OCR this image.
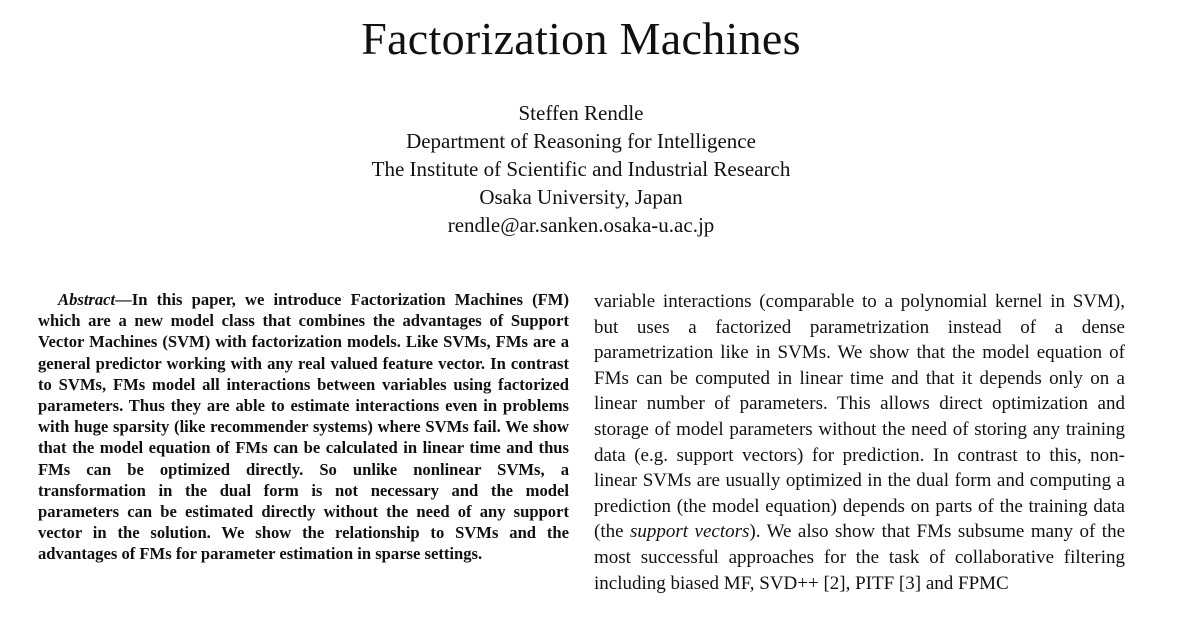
Factorization Machines
Steffen Rendle
Department of Reasoning for Intelligence
The Institute of Scientific and Industrial Research
Osaka University, Japan
rendle@ar.sanken.osaka-u.ac.jp

Abstract—In this paper, we introduce Factorization Machines (FM) which are a new model class that combines the advantages of Support Vector Machines (SVM) with factorization models. Like SVMs, FMs are a general predictor working with any real valued feature vector. In contrast to SVMs, FMs model all interactions between variables using factorized parameters. Thus they are able to estimate interactions even in problems with huge sparsity (like recommender systems) where SVMs fail. We show that the model equation of FMs can be calculated in linear time and thus FMs can be optimized directly. So unlike nonlinear SVMs, a transformation in the dual form is not necessary and the model parameters can be estimated directly without the need of any support vector in the solution. We show the relationship to SVMs and the advantages of FMs for parameter estimation in sparse settings.

variable interactions (comparable to a polynomial kernel in SVM), but uses a factorized parametrization instead of a dense parametrization like in SVMs. We show that the model equation of FMs can be computed in linear time and that it depends only on a linear number of parameters. This allows direct optimization and storage of model parameters without the need of storing any training data (e.g. support vectors) for prediction. In contrast to this, non-linear SVMs are usually optimized in the dual form and computing a prediction (the model equation) depends on parts of the training data (the support vectors). We also show that FMs subsume many of the most successful approaches for the task of collaborative filtering including biased MF, SVD++ [2], PITF [3] and FPMC
